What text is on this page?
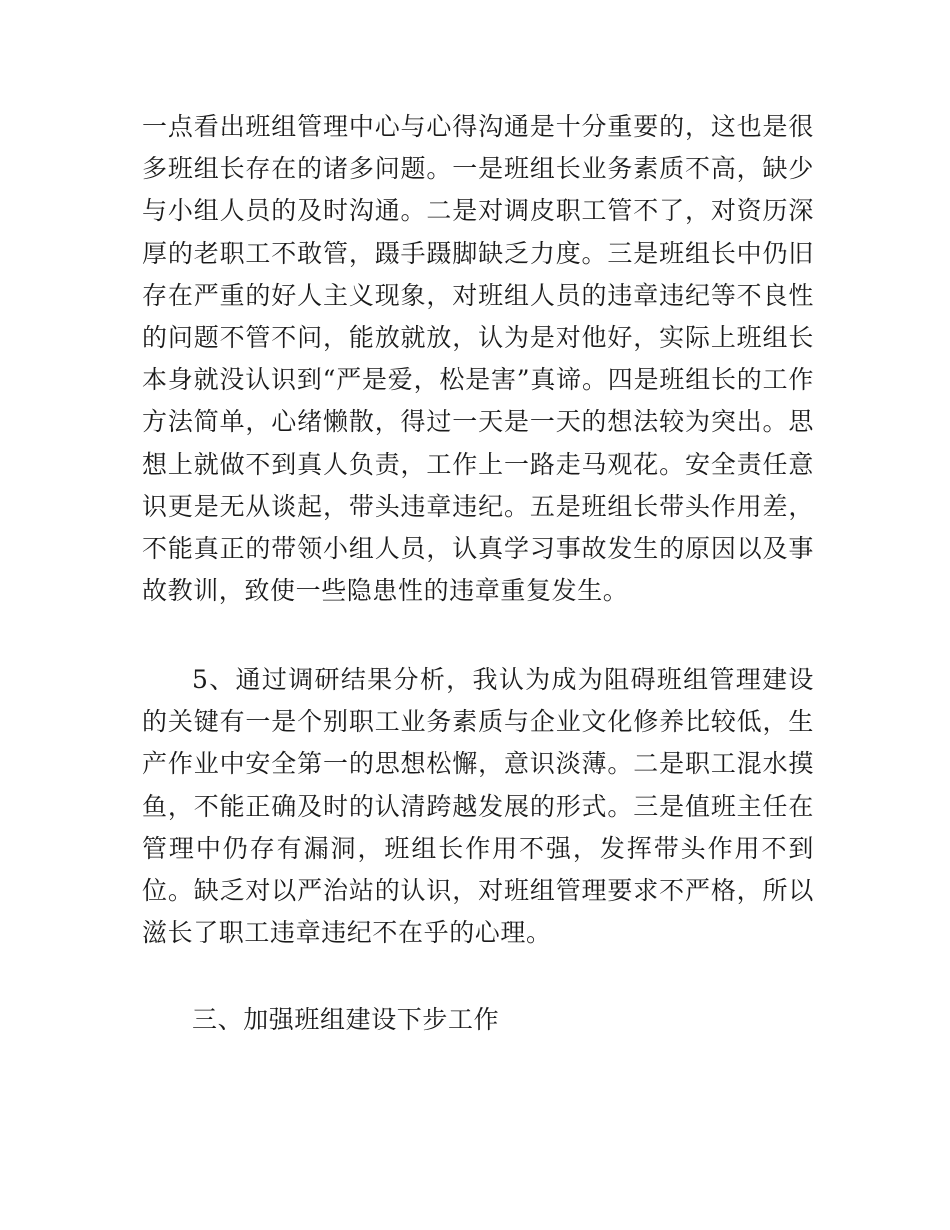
一点看出班组管理中心与心得沟通是十分重要的，这也是很多班组长存在的诸多问题。一是班组长业务素质不高，缺少与小组人员的及时沟通。二是对调皮职工管不了，对资历深厚的老职工不敢管，蹑手蹑脚缺乏力度。三是班组长中仍旧存在严重的好人主义现象，对班组人员的违章违纪等不良性的问题不管不问，能放就放，认为是对他好，实际上班组长本身就没认识到“严是爱，松是害”真谛。四是班组长的工作方法简单，心绪懒散，得过一天是一天的想法较为突出。思想上就做不到真人负责，工作上一路走马观花。安全责任意识更是无从谈起，带头违章违纪。五是班组长带头作用差，不能真正的带领小组人员，认真学习事故发生的原因以及事故教训，致使一些隐患性的违章重复发生。

5、通过调研结果分析，我认为成为阻碍班组管理建设的关键有一是个别职工业务素质与企业文化修养比较低，生产作业中安全第一的思想松懈，意识淡薄。二是职工混水摸鱼，不能正确及时的认清跨越发展的形式。三是值班主任在管理中仍存有漏洞，班组长作用不强，发挥带头作用不到位。缺乏对以严治站的认识，对班组管理要求不严格，所以滋长了职工违章违纪不在乎的心理。

三、加强班组建设下步工作
